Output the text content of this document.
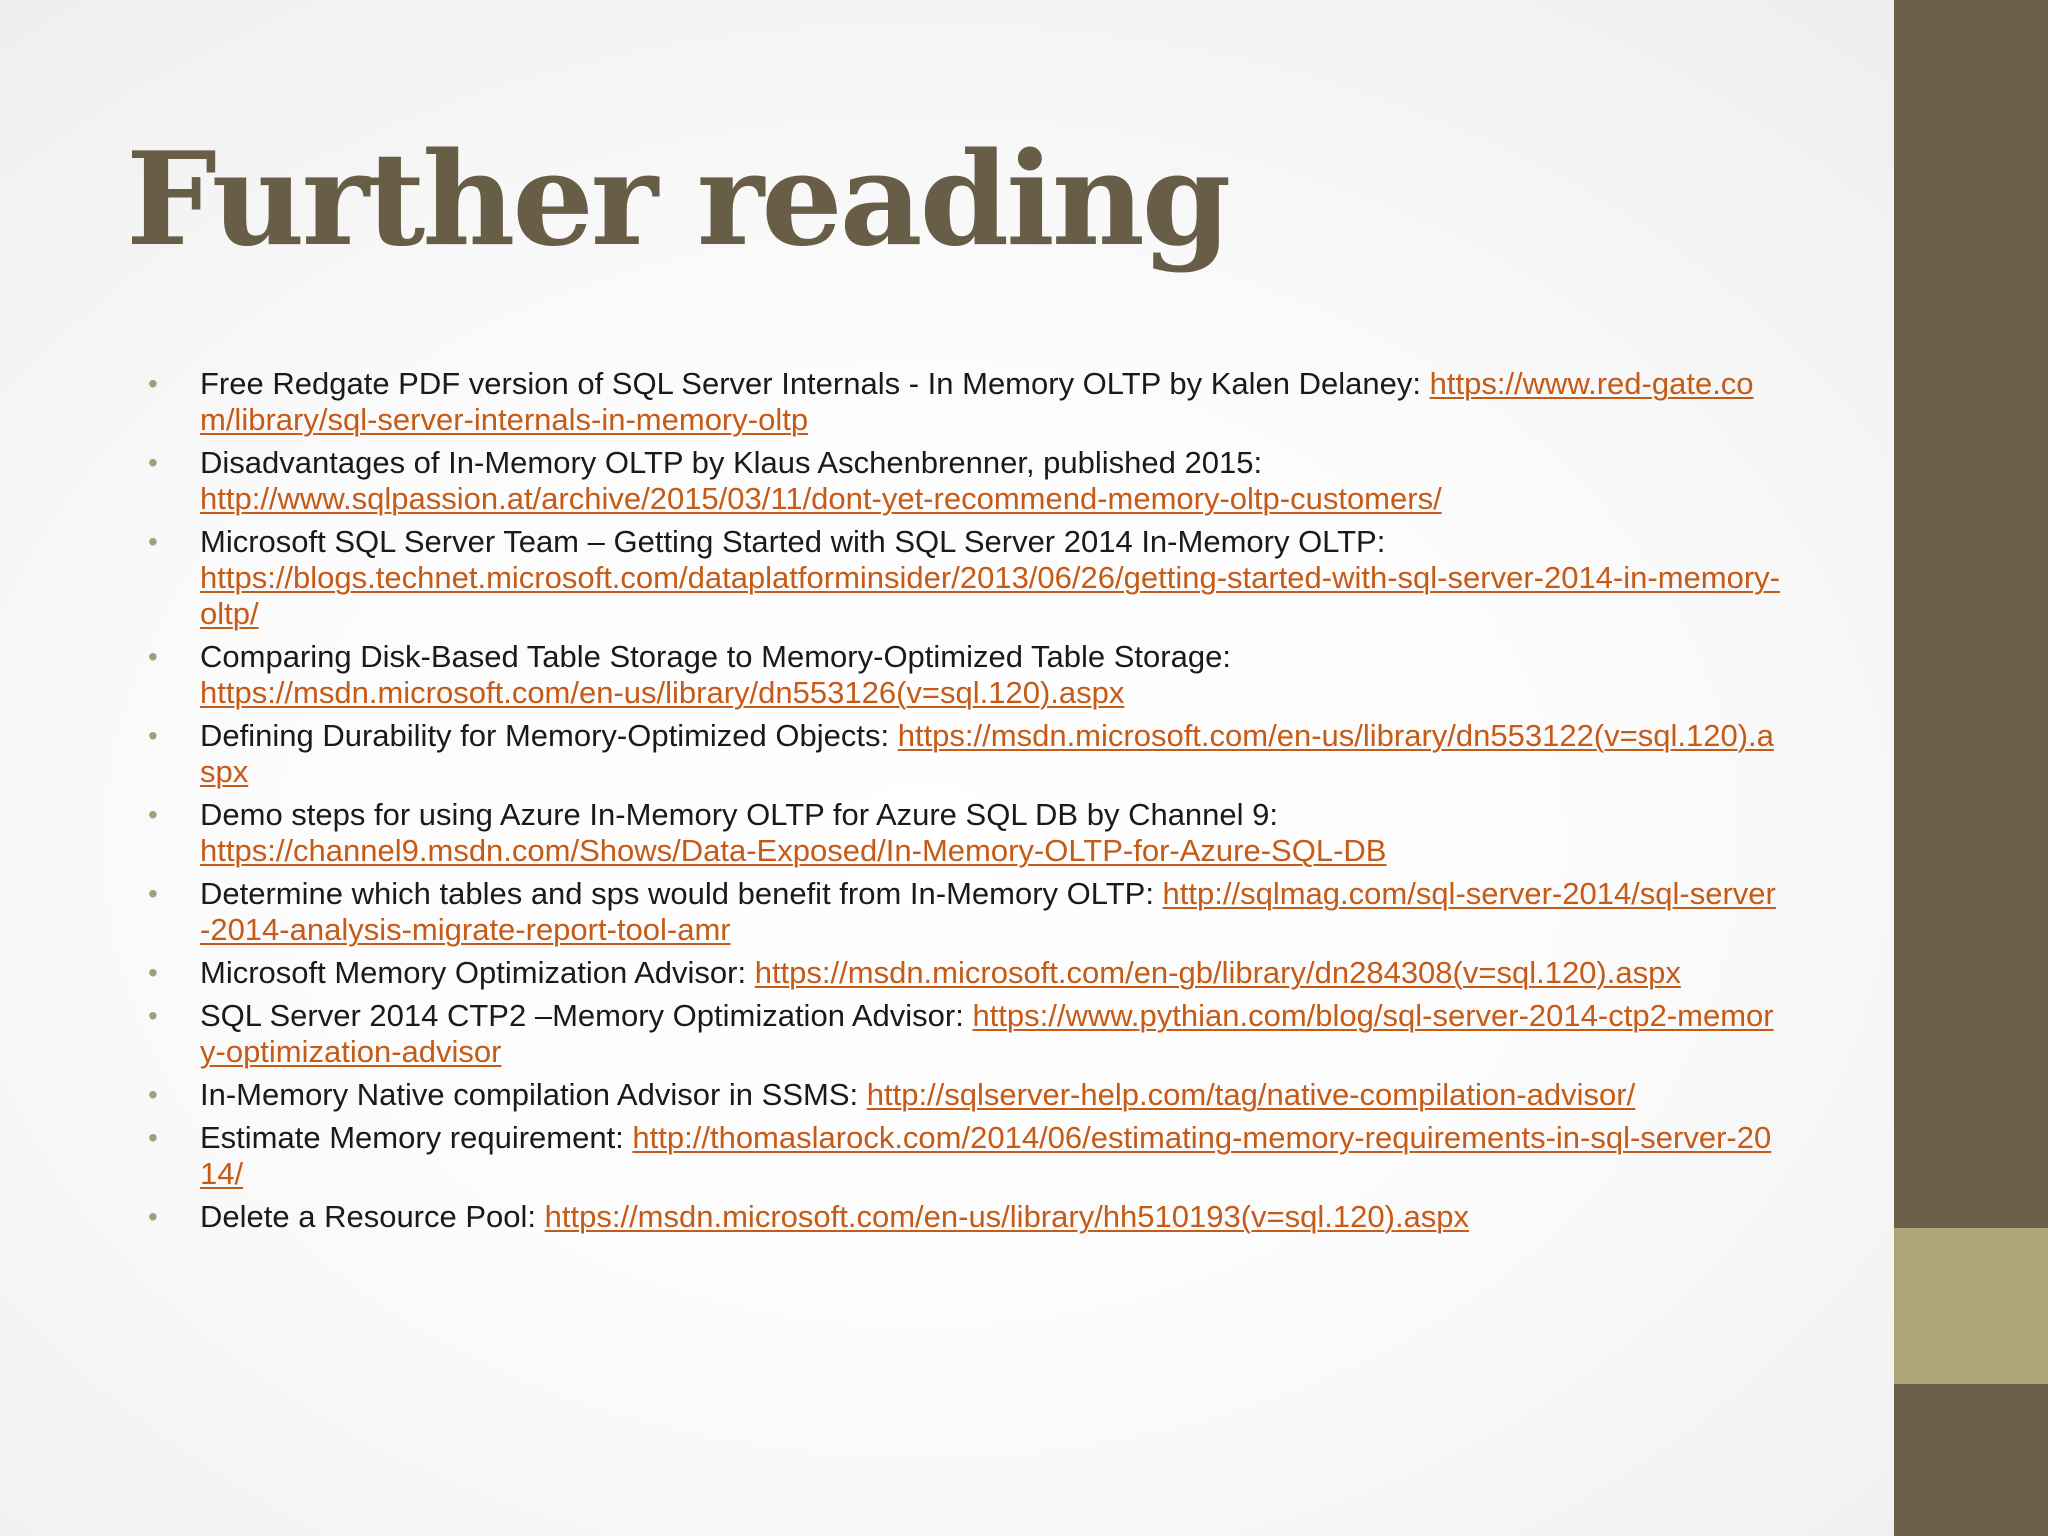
Further reading
• Free Redgate PDF version of SQL Server Internals - In Memory OLTP by Kalen Delaney: https://www.red-gate.com/library/sql-server-internals-in-memory-oltp
• Disadvantages of In-Memory OLTP by Klaus Aschenbrenner, published 2015:
http://www.sqlpassion.at/archive/2015/03/11/dont-yet-recommend-memory-oltp-customers/
• Microsoft SQL Server Team – Getting Started with SQL Server 2014 In-Memory OLTP:
https://blogs.technet.microsoft.com/dataplatforminsider/2013/06/26/getting-started-with-sql-server-2014-in-memory-oltp/
• Comparing Disk-Based Table Storage to Memory-Optimized Table Storage:
https://msdn.microsoft.com/en-us/library/dn553126(v=sql.120).aspx
• Defining Durability for Memory-Optimized Objects: https://msdn.microsoft.com/en-us/library/dn553122(v=sql.120).aspx
• Demo steps for using Azure In-Memory OLTP for Azure SQL DB by Channel 9:
https://channel9.msdn.com/Shows/Data-Exposed/In-Memory-OLTP-for-Azure-SQL-DB
• Determine which tables and sps would benefit from In-Memory OLTP: http://sqlmag.com/sql-server-2014/sql-server-2014-analysis-migrate-report-tool-amr
• Microsoft Memory Optimization Advisor: https://msdn.microsoft.com/en-gb/library/dn284308(v=sql.120).aspx
• SQL Server 2014 CTP2 –Memory Optimization Advisor: https://www.pythian.com/blog/sql-server-2014-ctp2-memory-optimization-advisor
• In-Memory Native compilation Advisor in SSMS: http://sqlserver-help.com/tag/native-compilation-advisor/
• Estimate Memory requirement: http://thomaslarock.com/2014/06/estimating-memory-requirements-in-sql-server-2014/
• Delete a Resource Pool: https://msdn.microsoft.com/en-us/library/hh510193(v=sql.120).aspx
